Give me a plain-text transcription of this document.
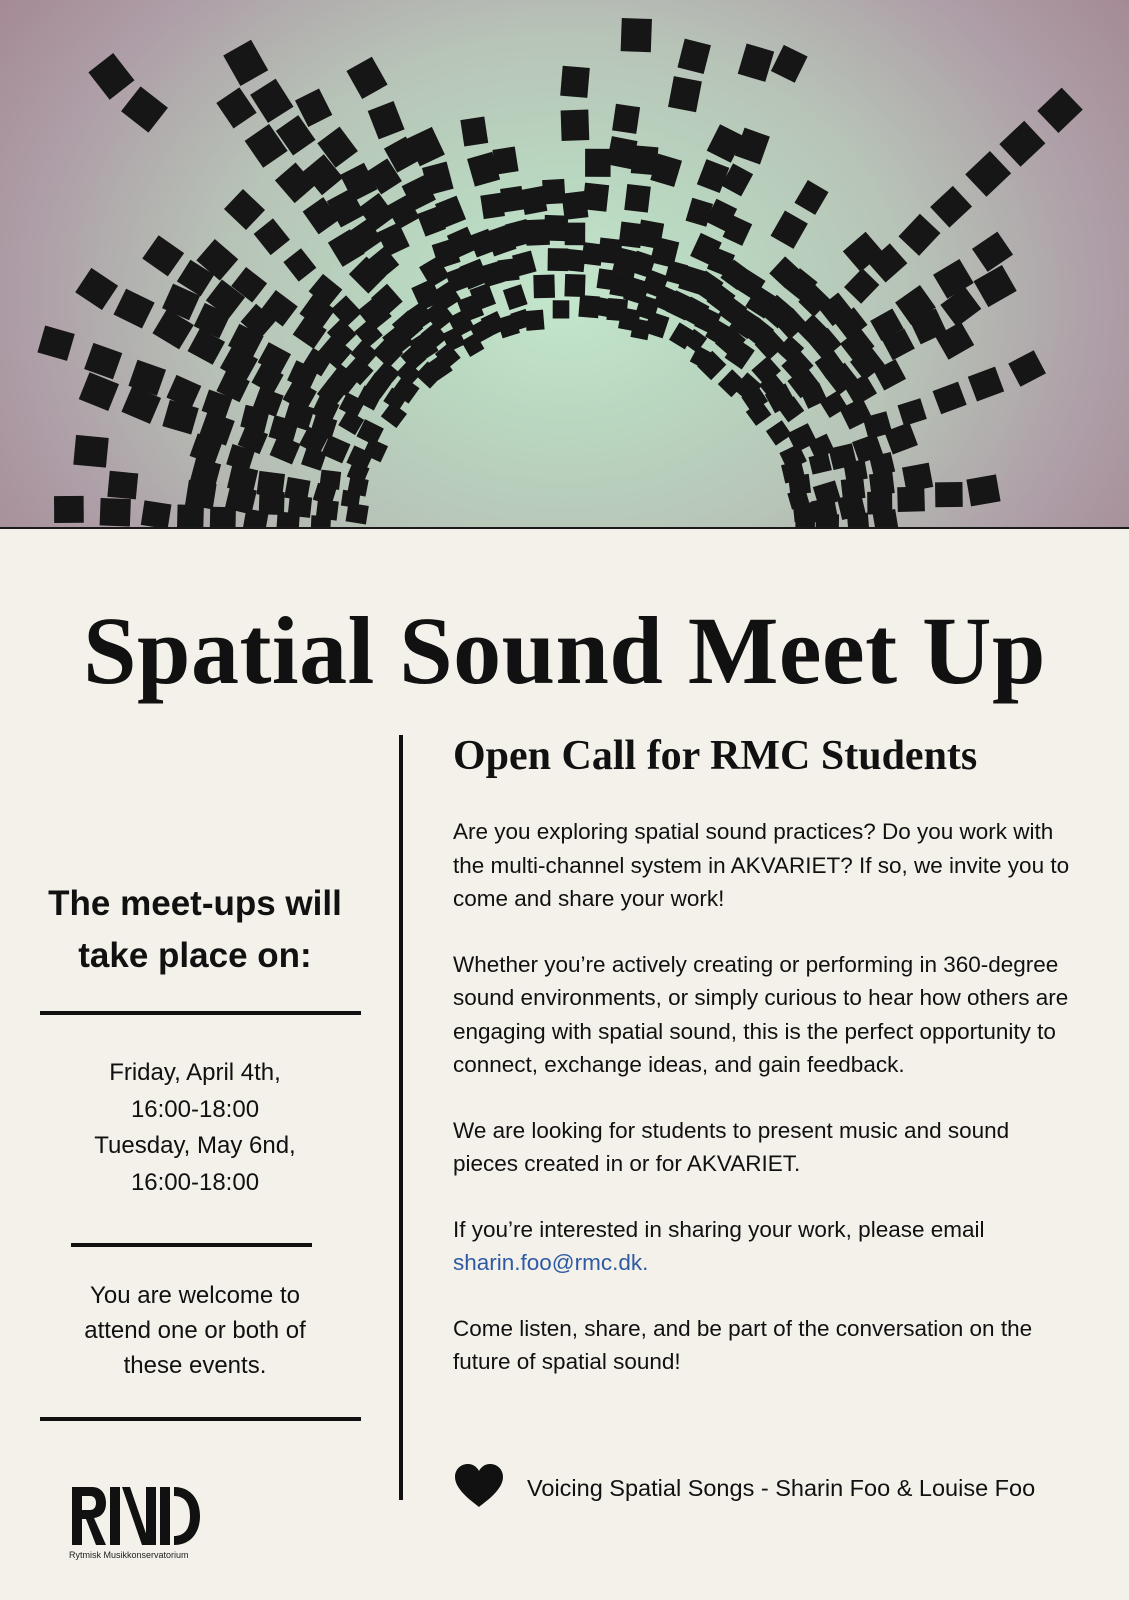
Spatial Sound Meet Up
The meet-ups will
take place on:
Friday, April 4th,
16:00-18:00
Tuesday, May 6nd,
16:00-18:00

You are welcome to
attend one or both of
these events.

Rytmisk Musikkonservatorium
Open Call for RMC Students

Are you exploring spatial sound practices? Do you work with the multi-channel system in AKVARIET? If so, we invite you to come and share your work!

Whether you’re actively creating or performing in 360-degree sound environments, or simply curious to hear how others are engaging with spatial sound, this is the perfect opportunity to connect, exchange ideas, and gain feedback.

We are looking for students to present music and sound pieces created in or for AKVARIET.

If you’re interested in sharing your work, please email
sharin.foo@rmc.dk.

Come listen, share, and be part of the conversation on the future of spatial sound!

Voicing Spatial Songs - Sharin Foo & Louise Foo
